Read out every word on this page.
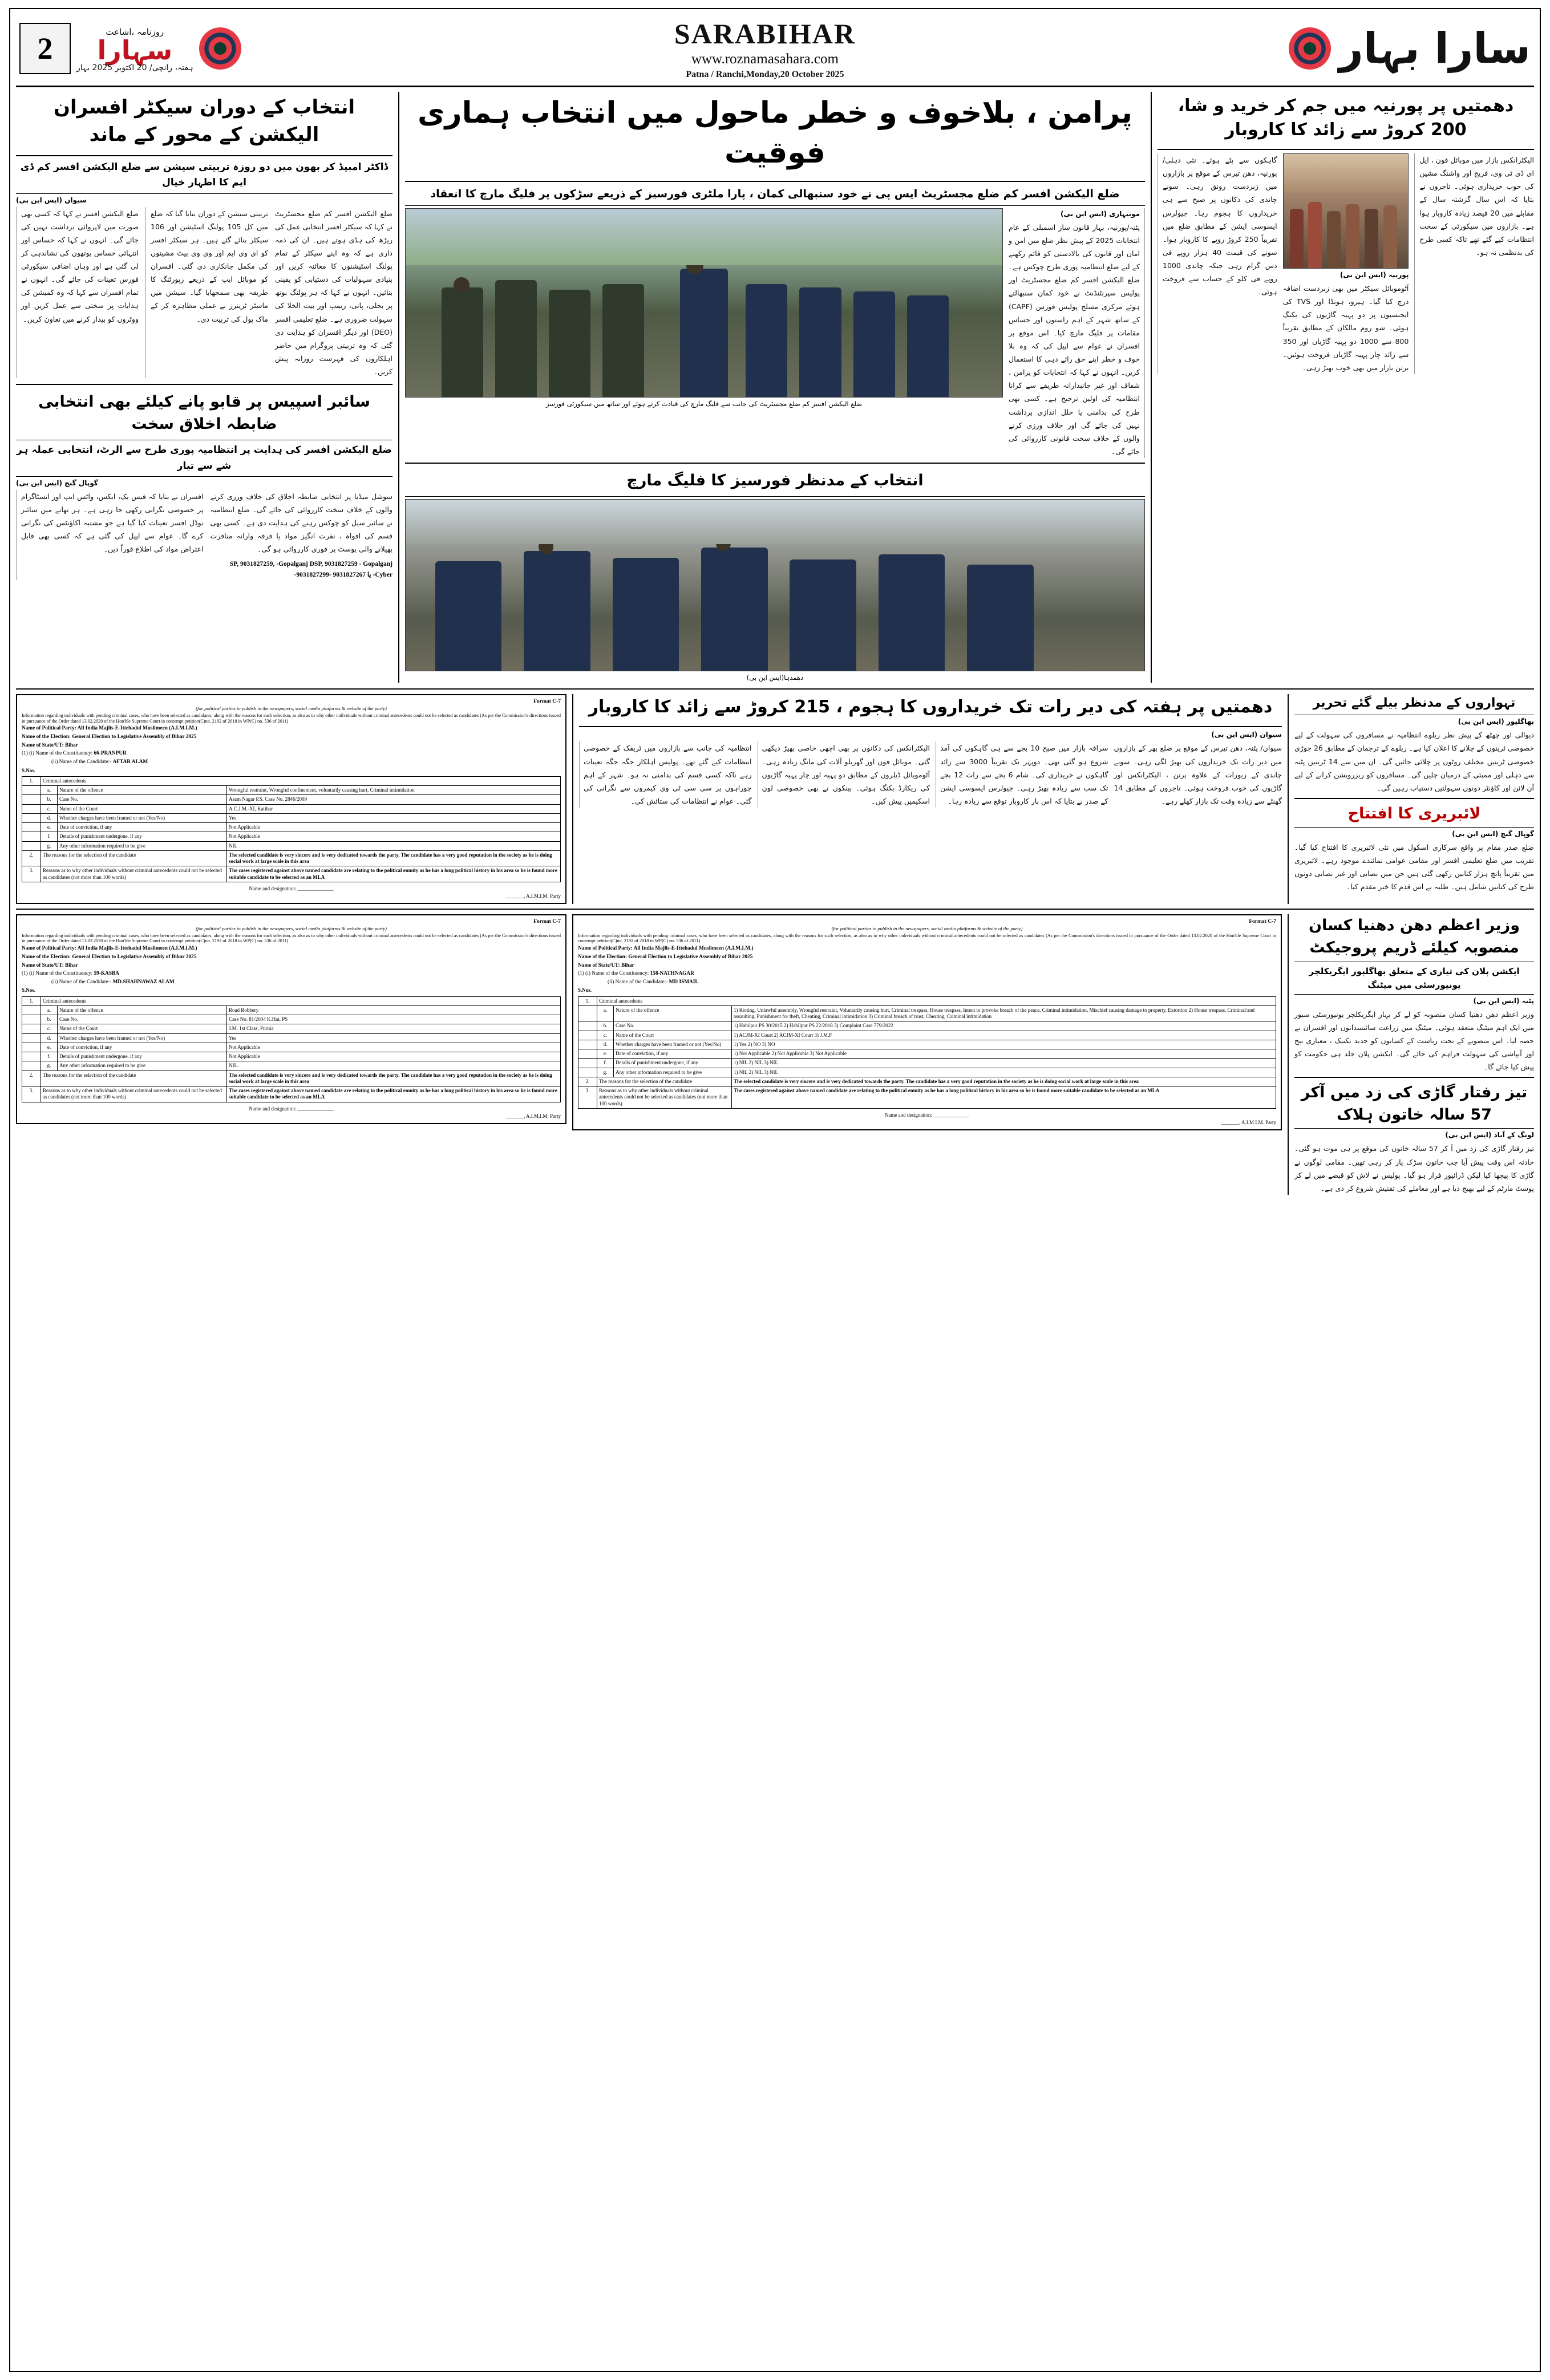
2	روزنامہ ،اشاعت
سہارا
ہفتہ، رانچی/ 20 اکتوبر 2025 بہار
SARABIHAR
www.roznamasahara.com
Patna / Ranchi,Monday,20 October 2025
سارا بہار
انتخاب کے دوران سیکٹر افسران الیکشن کے محور کے ماند
ڈاکٹر امبیڈ کر بھون میں دو روزہ تربیتی سیشن سے ضلع الیکشن افسر کم ڈی ایم کا اظہار خیال
سیوان (ایس این بی)
ضلع الیکشن افسر نے کہا کہ کسی بھی صورت میں لاپروائی برداشت نہیں کی جائے گی۔ انہوں نے کہا کہ حساس اور انتہائی حساس بوتھوں کی نشاندہی کر لی گئی ہے اور وہاں اضافی سیکورٹی فورس تعینات کی جائے گی۔ انہوں نے تمام افسران سے کہا کہ وہ کمیشن کی ہدایات پر سختی سے عمل کریں اور ووٹروں کو بیدار کرنے میں تعاون کریں۔
تربیتی سیشن کے دوران بتایا گیا کہ ضلع میں کل 105 پولنگ اسٹیشن اور 106 سیکٹر بنائے گئے ہیں۔ ہر سیکٹر افسر کو ای وی ایم اور وی وی پیٹ مشینوں کی مکمل جانکاری دی گئی۔ افسران کو موبائل ایپ کے ذریعے رپورٹنگ کا طریقہ بھی سمجھایا گیا۔ سیشن میں ماسٹر ٹرینرز نے عملی مظاہرہ کر کے ماک پول کی تربیت دی۔
ضلع الیکشن افسر کم ضلع مجسٹریٹ نے کہا کہ سیکٹر افسر انتخابی عمل کی ریڑھ کی ہڈی ہوتے ہیں۔ ان کی ذمہ داری ہے کہ وہ اپنے سیکٹر کے تمام پولنگ اسٹیشنوں کا معائنہ کریں اور بنیادی سہولیات کی دستیابی کو یقینی بنائیں۔ انہوں نے کہا کہ ہر پولنگ بوتھ پر بجلی، پانی، ریمپ اور بیت الخلا کی سہولت ضروری ہے۔ ضلع تعلیمی افسر (DEO) اور دیگر افسران کو ہدایت دی گئی کہ وہ تربیتی پروگرام میں حاضر اہلکاروں کی فہرست روزانہ پیش کریں۔
سائبر اسپیس پر قابو پانے کیلئے بھی انتخابی ضابطہ اخلاق سخت
ضلع الیکشن افسر کی ہدایت پر انتظامیہ پوری طرح سے الرٹ، انتخابی عملہ ہر شے سے تیار
گوپال گنج (ایس این بی)
افسران نے بتایا کہ فیس بک، ایکس، واٹس ایپ اور انسٹاگرام پر خصوصی نگرانی رکھی جا رہی ہے۔ ہر تھانے میں سائبر نوڈل افسر تعینات کیا گیا ہے جو مشتبہ اکاؤنٹس کی نگرانی کرے گا۔ عوام سے اپیل کی گئی ہے کہ کسی بھی قابل اعتراض مواد کی اطلاع فوراً دیں۔
سوشل میڈیا پر انتخابی ضابطہ اخلاق کی خلاف ورزی کرنے والوں کے خلاف سخت کارروائی کی جائے گی۔ ضلع انتظامیہ نے سائبر سیل کو چوکس رہنے کی ہدایت دی ہے۔ کسی بھی قسم کی افواہ ، نفرت انگیز مواد یا فرقہ وارانہ منافرت پھیلانے والی پوسٹ پر فوری کارروائی ہو گی۔
SP, 9031827259, -Gopalganj DSP, 9031827259 - Gopalganj -9031827299- یا 9031827267 -Cyber
پرامن ، بلاخوف و خطر ماحول میں انتخاب ہماری فوقیت
ضلع الیکشن افسر کم ضلع مجسٹریٹ ایس پی نے خود سنبھالی کمان ، پارا ملٹری فورسیز کے ذریعے سڑکوں پر فلیگ مارچ کا انعقاد
ضلع الیکشن افسر کم ضلع مجسٹریٹ کی جانب سے فلیگ مارچ کی قیادت کرتے ہوئے اور ساتھ میں سیکورٹی فورسز
موتیہاری (ایس این بی)
پٹنہ/پورنیہ، بہار قانون ساز اسمبلی کے عام انتخابات 2025 کے پیش نظر ضلع میں امن و امان اور قانون کی بالادستی کو قائم رکھنے کے لیے ضلع انتظامیہ پوری طرح چوکس ہے۔ ضلع الیکشن افسر کم ضلع مجسٹریٹ اور پولیس سپرنٹنڈنٹ نے خود کمان سنبھالتے ہوئے مرکزی مسلح پولیس فورس (CAPF) کے ساتھ شہر کے اہم راستوں اور حساس مقامات پر فلیگ مارچ کیا۔ اس موقع پر افسران نے عوام سے اپیل کی کہ وہ بلا خوف و خطر اپنے حق رائے دہی کا استعمال کریں۔ انہوں نے کہا کہ انتخابات کو پرامن ، شفاف اور غیر جانبدارانہ طریقے سے کرانا انتظامیہ کی اولین ترجیح ہے۔ کسی بھی طرح کی بدامنی یا خلل اندازی برداشت نہیں کی جائے گی اور خلاف ورزی کرنے والوں کے خلاف سخت قانونی کارروائی کی جائے گی۔
انتخاب کے مدنظر فورسیز کا فلیگ مارچ
دھمدہا(ایس این بی)
دھمتیں پر پورنیہ میں جم کر خرید و شا، 200 کروڑ سے زائد کا کاروبار
گاہکوں سے پٹے ہوئے۔ نئی دہلی/پورنیہ، دھن تیرس کے موقع پر بازاروں میں زبردست رونق رہی۔ سونے چاندی کی دکانوں پر صبح سے ہی خریداروں کا ہجوم رہا۔ جیولرس ایسوسی ایشن کے مطابق ضلع میں تقریباً 250 کروڑ روپے کا کاروبار ہوا۔ سونے کی قیمت 40 ہزار روپے فی دس گرام رہی جبکہ چاندی 1000 روپے فی کلو کے حساب سے فروخت ہوئی۔
پورنیہ (ایس این بی)
آٹوموبائل سیکٹر میں بھی زبردست اضافہ درج کیا گیا۔ ہیرو، ہونڈا اور TVS کی ایجنسیوں پر دو پہیہ گاڑیوں کی بکنگ ہوئی۔ شو روم مالکان کے مطابق تقریباً 800 سے 1000 دو پہیہ گاڑیاں اور 350 سے زائد چار پہیہ گاڑیاں فروخت ہوئیں۔ برتن بازار میں بھی خوب بھیڑ رہی۔
الیکٹرانکس بازار میں موبائل فون ، ایل ای ڈی ٹی وی، فریج اور واشنگ مشین کی خوب خریداری ہوئی۔ تاجروں نے بتایا کہ اس سال گزشتہ سال کے مقابلے میں 20 فیصد زیادہ کاروبار ہوا ہے۔ بازاروں میں سیکورٹی کے سخت انتظامات کیے گئے تھے تاکہ کسی طرح کی بدنظمی نہ ہو۔
Format C-7
(for political parties to publish in the newspapers, social media platforms & website of the party)
Information regarding individuals with pending criminal cases, who have been selected as candidates, along with the reasons for such selection, as also as to why other individuals without criminal antecedents could not be selected as candidates (As per the Commission's directions issued in pursuance of the Order dated 13.02.2020 of the Hon'ble Supreme Court in contempt petition(C)no. 2192 of 2018 in WP(C) no. 536 of 2011)
Name of Political Party: All India Majlis-E-Ittehadul Muslimeen (A.I.M.I.M.)
Name of the Election: General Election to Legislative Assembly of Bihar 2025
Name of State/UT: Bihar
(1) (i) Name of the Constituency: 66-PRANPUR
(ii) Name of the Candidate:- AFTAR ALAM
S.Nos.
1.	Criminal antecedents		
	a.	Nature of the offence	Wrongful restraint, Wrongful confinement, voluntarily causing hurt, Criminal intimidation
	b.	Case No.	Asam Nagar P.S. Case No. 2846/2009
	c.	Name of the Court	A.C.J.M.-XI, Katihar
	d.	Whether charges have been framed or not (Yes/No)	Yes
	e.	Date of conviction, if any	Not Applicable
	f.	Details of punishment undergone, if any	Not Applicable
	g.	Any other information required to be give	NIL
2.	The reasons for the selection of the candidate		The selected candidate is very sincere and is very dedicated towards the party. The candidate has a very good reputation in the society as he is doing social work at large scale in this area
3.	Reasons as to why other individuals without criminal antecedents could not be selected as candidates (not more than 100 words)		The cases registered against above named candidate are relating to the political enmity as he has a long political history in his area so he is found more suitable candidate to be selected as an MLA
Name and designation: ______________
_______, A.I.M.I.M. Party
دھمتیں پر ہفتہ کی دیر رات تک خریداروں کا ہجوم ، 215 کروڑ سے زائد کا کاروبار
سیوان (ایس این بی)
انتظامیہ کی جانب سے بازاروں میں ٹریفک کے خصوصی انتظامات کیے گئے تھے۔ پولیس اہلکار جگہ جگہ تعینات رہے تاکہ کسی قسم کی بدامنی نہ ہو۔ شہر کے اہم چوراہوں پر سی سی ٹی وی کیمروں سے نگرانی کی گئی۔ عوام نے انتظامات کی ستائش کی۔
الیکٹرانکس کی دکانوں پر بھی اچھی خاصی بھیڑ دیکھی گئی۔ موبائل فون اور گھریلو آلات کی مانگ زیادہ رہی۔ آٹوموبائل ڈیلروں کے مطابق دو پہیہ اور چار پہیہ گاڑیوں کی ریکارڈ بکنگ ہوئی۔ بینکوں نے بھی خصوصی لون اسکیمیں پیش کیں۔
سرافہ بازار میں صبح 10 بجے سے ہی گاہکوں کی آمد شروع ہو گئی تھی۔ دوپہر تک تقریباً 3000 سے زائد گاہکوں نے خریداری کی۔ شام 6 بجے سے رات 12 بجے تک سب سے زیادہ بھیڑ رہی۔ جیولرس ایسوسی ایشن کے صدر نے بتایا کہ اس بار کاروبار توقع سے زیادہ رہا۔
سیوان/ پٹنہ، دھن تیرس کے موقع پر ضلع بھر کے بازاروں میں دیر رات تک خریداروں کی بھیڑ لگی رہی۔ سونے چاندی کے زیورات کے علاوہ برتن ، الیکٹرانکس اور گاڑیوں کی خوب فروخت ہوئی۔ تاجروں کے مطابق 14 گھنٹے سے زیادہ وقت تک بازار کھلے رہے۔
تہواروں کے مدنظر بیلے گئے تحریر
بھاگلپور (ایس این بی)
دیوالی اور چھٹھ کے پیش نظر ریلوے انتظامیہ نے مسافروں کی سہولت کے لیے خصوصی ٹرینوں کے چلانے کا اعلان کیا ہے۔ ریلوے کے ترجمان کے مطابق 26 جوڑی خصوصی ٹرینیں مختلف روٹوں پر چلائی جائیں گی۔ ان میں سے 14 ٹرینیں پٹنہ سے دہلی اور ممبئی کے درمیان چلیں گی۔ مسافروں کو ریزرویشن کرانے کے لیے آن لائن اور کاؤنٹر دونوں سہولتیں دستیاب رہیں گی۔
لائبریری کا افتتاح
گوپال گنج (ایس این بی)
ضلع صدر مقام پر واقع سرکاری اسکول میں نئی لائبریری کا افتتاح کیا گیا۔ تقریب میں ضلع تعلیمی افسر اور مقامی عوامی نمائندے موجود رہے۔ لائبریری میں تقریباً پانچ ہزار کتابیں رکھی گئی ہیں جن میں نصابی اور غیر نصابی دونوں طرح کی کتابیں شامل ہیں۔ طلبہ نے اس قدم کا خیر مقدم کیا۔
Format C-7
(for political parties to publish in the newspapers, social media platforms & website of the party)
Information regarding individuals with pending criminal cases, who have been selected as candidates, along with the reasons for such selection, as also as to why other individuals without criminal antecedents could not be selected as candidates (As per the Commission's directions issued in pursuance of the Order dated 13.02.2020 of the Hon'ble Supreme Court in contempt petition(C)no. 2192 of 2018 in WP(C) no. 536 of 2011)
Name of Political Party: All India Majlis-E-Ittehadul Muslimeen (A.I.M.I.M.)
Name of the Election: General Election to Legislative Assembly of Bihar 2025
Name of State/UT: Bihar
(1) (i) Name of the Constituency: 59-KASBA
(ii) Name of the Candidate:- MD.SHAHNAWAZ ALAM
S.Nos.
1.	Criminal antecedents		
	a.	Nature of the offence	Road Robbery
	b.	Case No.	Case No. 81/2004 K.Hat, PS
	c.	Name of the Court	J.M. 1st Class, Purnia
	d.	Whether charges have been framed or not (Yes/No)	Yes
	e.	Date of conviction, if any	Not Applicable
	f.	Details of punishment undergone, if any	Not Applicable
	g.	Any other information required to be give	NIL.
2.	The reasons for the selection of the candidate		The selected candidate is very sincere and is very dedicated towards the party. The candidate has a very good reputation in the society as he is doing social work at large scale in this area
3.	Reasons as to why other individuals without criminal antecedents could not be selected as candidates (not more than 100 words)		The cases registered against above named candidate are relating to the political enmity as he has a long political history in his area so he is found more suitable candidate to be selected as an MLA
Name and designation: ______________
_______, A.I.M.I.M. Party
Format C-7
(for political parties to publish in the newspapers, social media platforms & website of the party)
Information regarding individuals with pending criminal cases, who have been selected as candidates, along with the reasons for such selection, as also as to why other individuals without criminal antecedents could not be selected as candidates (As per the Commission's directions issued in pursuance of the Order dated 13.02.2020 of the Hon'ble Supreme Court in contempt petition(C)no. 2192 of 2018 in WP(C) no. 536 of 2011)
Name of Political Party: All India Majlis-E-Ittehadul Muslimeen (A.I.M.I.M.)
Name of the Election: General Election to Legislative Assembly of Bihar 2025
Name of State/UT: Bihar
(1) (i) Name of the Constituency: 158-NATHNAGAR
(ii) Name of the Candidate:- MD ISMAIL
S.Nos.
1.	Criminal antecedents		
	a.	Nature of the offence	1) Rioting, Unlawful assembly, Wrongful restraint, Voluntarily causing hurt, Criminal trespass, House trespass, Intent to provoke breach of the peace, Criminal intimidation, Mischief causing damage to property, Extortion 2) House trespass, Criminal/and assaulting, Punishment for theft, Cheating, Criminal intimidation 3) Criminal breach of trust, Cheating, Criminal intimidation
	b.	Case No.	1) Habilpur PS 30/2015 2) Habilpur PS 22/2018 3) Complaint Case 779/2022
	c.	Name of the Court	1) ACJM-XI Court 2) ACJM-XI Court 3) J.M.F
	d.	Whether charges have been framed or not (Yes/No)	1) Yes 2) NO 3) NO
	e.	Date of conviction, if any	1) Not Applicable 2) Not Applicable 3) Not Applicable
	f.	Details of punishment undergone, if any	1) NIL 2) NIL 3) NIL
	g.	Any other information required to be give	1) NIL 2) NIL 3) NIL
2.	The reasons for the selection of the candidate		The selected candidate is very sincere and is very dedicated towards the party. The candidate has a very good reputation in the society as he is doing social work at large scale in this area
3.	Reasons as to why other individuals without criminal antecedents could not be selected as candidates (not more than 100 words)		The cases registered against above named candidate are relating to the political enmity as he has a long political history in his area so he is found more suitable candidate to be selected as an MLA
Name and designation: ______________
_______, A.I.M.I.M. Party
وزیر اعظم دھن دھنیا کسان منصوبہ کیلئے ڈریم پروجیکٹ
ایکشن پلان کی تیاری کے متعلق بھاگلپور ایگریکلچر یونیورسٹی میں میٹنگ
پٹنہ (ایس این بی)
وزیر اعظم دھن دھنیا کسان منصوبہ کو لے کر بہار ایگریکلچر یونیورسٹی سبور میں ایک اہم میٹنگ منعقد ہوئی۔ میٹنگ میں زراعت سائنسدانوں اور افسران نے حصہ لیا۔ اس منصوبے کے تحت ریاست کے کسانوں کو جدید تکنیک ، معیاری بیج اور آبپاشی کی سہولت فراہم کی جائے گی۔ ایکشن پلان جلد ہی حکومت کو پیش کیا جائے گا۔
تیز رفتار گاڑی کی زد میں آکر 57 سالہ خاتون ہلاک
لونگ کے آباد (ایس این بی)
تیز رفتار گاڑی کی زد میں آ کر 57 سالہ خاتون کی موقع پر ہی موت ہو گئی۔ حادثہ اس وقت پیش آیا جب خاتون سڑک پار کر رہی تھیں۔ مقامی لوگوں نے گاڑی کا پیچھا کیا لیکن ڈرائیور فرار ہو گیا۔ پولیس نے لاش کو قبضے میں لے کر پوسٹ مارٹم کے لیے بھیج دیا ہے اور معاملے کی تفتیش شروع کر دی ہے۔
